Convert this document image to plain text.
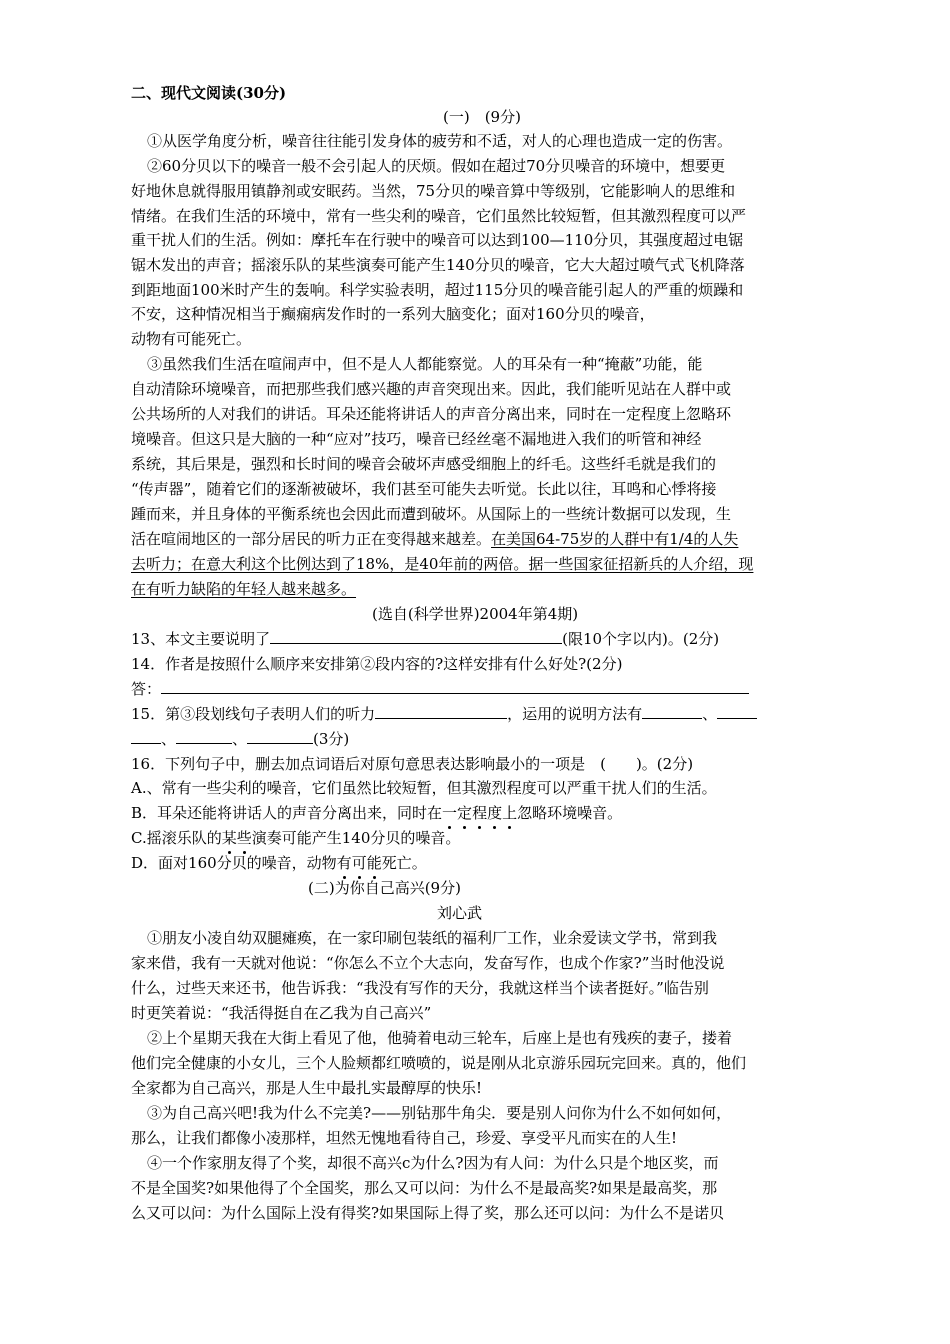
二、现代文阅读(30分)
(一)　(9分)
①从医学角度分析，噪音往往能引发身体的疲劳和不适，对人的心理也造成一定的伤害。
②60分贝以下的噪音一般不会引起人的厌烦。假如在超过70分贝噪音的环境中，想要更
好地休息就得服用镇静剂或安眠药。当然，75分贝的噪音算中等级别，它能影响人的思维和
情绪。在我们生活的环境中，常有一些尖利的噪音，它们虽然比较短暂，但其激烈程度可以严
重干扰人们的生活。例如：摩托车在行驶中的噪音可以达到100—110分贝，其强度超过电锯
锯木发出的声音；摇滚乐队的某些演奏可能产生140分贝的噪音，它大大超过喷气式飞机降落
到距地面100米时产生的轰响。科学实验表明，超过115分贝的噪音能引起人的严重的烦躁和
不安，这种情况相当于癫痫病发作时的一系列大脑变化；面对160分贝的噪音，
动物有可能死亡。
③虽然我们生活在喧闹声中，但不是人人都能察觉。人的耳朵有一种“掩蔽”功能，能
自动清除环境噪音，而把那些我们感兴趣的声音突现出来。因此，我们能听见站在人群中或
公共场所的人对我们的讲话。耳朵还能将讲话人的声音分离出来，同时在一定程度上忽略环
境噪音。但这只是大脑的一种“应对”技巧，噪音已经丝毫不漏地进入我们的听管和神经
系统，其后果是，强烈和长时间的噪音会破坏声感受细胞上的纤毛。这些纤毛就是我们的
“传声器”，随着它们的逐渐被破坏，我们甚至可能失去听觉。长此以往，耳鸣和心悸将接
踵而来，并且身体的平衡系统也会因此而遭到破坏。从国际上的一些统计数据可以发现，生
活在喧闹地区的一部分居民的听力正在变得越来越差。在美国64-75岁的人群中有1/4的人失
去听力；在意大利这个比例达到了18%，是40年前的两倍。据一些国家征招新兵的人介绍，现
在有听力缺陷的年轻人越来越多。
(选自(科学世界)2004年第4期)
13、本文主要说明了	(限10个字以内)。(2分)
14．作者是按照什么顺序来安排第②段内容的?这样安排有什么好处?(2分)
答：
15．第③段划线句子表明人们的听力	，运用的说明方法有	、
、	、	(3分)
16．下列句子中，删去加点词语后对原句意思表达影响最小的一项是　(　　)。(2分)
A.、常有一些尖利的噪音，它们虽然比较短暂，但其激烈程度可以严重干扰人们的生活。
B．耳朵还能将讲话人的声音分离出来，同时在一定程度上忽略环境噪音。
C.摇滚乐队的某些演奏可能产生140分贝的噪音。
D．面对160分贝的噪音，动物有可能死亡。
(二)为你自己高兴(9分)
刘心武
①朋友小凌自幼双腿瘫痪，在一家印刷包装纸的福利厂工作，业余爱读文学书，常到我
家来借，我有一天就对他说：“你怎么不立个大志向，发奋写作，也成个作家?”当时他没说
什么，过些天来还书，他告诉我：“我没有写作的天分，我就这样当个读者挺好。”临告别
时更笑着说：“我活得挺自在乙我为自己高兴”
②上个星期天我在大街上看见了他，他骑着电动三轮车，后座上是也有残疾的妻子，搂着
他们完全健康的小女儿，三个人脸颊都红喷喷的，说是刚从北京游乐园玩完回来。真的，他们
全家都为自己高兴，那是人生中最扎实最醇厚的快乐!
③为自己高兴吧!我为什么不完美?——别钻那牛角尖．要是别人问你为什么不如何如何，
那么，让我们都像小凌那样，坦然无愧地看待自己，珍爱、享受平凡而实在的人生!
④一个作家朋友得了个奖，却很不高兴c为什么?因为有人问：为什么只是个地区奖，而
不是全国奖?如果他得了个全国奖，那么又可以问：为什么不是最高奖?如果是最高奖，那
么又可以问：为什么国际上没有得奖?如果国际上得了奖，那么还可以问：为什么不是诺贝
